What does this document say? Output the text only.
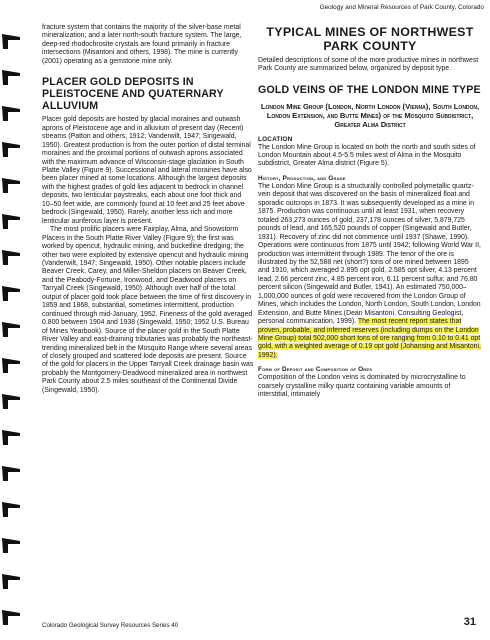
Geology and Mineral Resources of Park County, Colorado

fracture system that contains the majority of the silver-base metal mineralization; and a later north-south fracture system. The large, deep-red rhodochrosite crystals are found primarily in fracture intersections (Misantoni and others, 1998). The mine is currently (2001) operating as a gemstone mine only.

PLACER GOLD DEPOSITS IN PLEISTOCENE AND QUATERNARY ALLUVIUM

Placer gold deposits are hosted by glacial moraines and outwash aprons of Pleistocene age and in alluvium of present day (Recent) streams (Patton and others, 1912; Vanderwilt, 1947; Singewald, 1950). Greatest production is from the outer portion of distal terminal moraines and the proximal portions of outwash aprons associated with the maximum advance of Wisconsin-stage glaciation in South Platte Valley (Figure 9). Successional and lateral moraines have also been placer mined at some locations. Although the largest deposits with the highest grades of gold lies adjacent to bedrock in channel deposits, two lenticular paystreaks, each about one foot thick and 10–50 feet wide, are commonly found at 10 feet and 25 feet above bedrock (Singewald, 1950). Rarely, another less rich and more lenticular auriferous layer is present.

The most prolific placers were Fairplay, Alma, and Snowstorm Placers in the South Platte River Valley (Figure 9); the first was worked by opencut, hydraulic mining, and bucketline dredging; the other two were exploited by extensive opencut and hydraulic mining (Vanderwilt, 1947; Singewald, 1950). Other notable placers include Beaver Creek, Carey, and Miller-Sheldon placers on Beaver Creek, and the Peabody-Fortune, Ironwood, and Deadwood placers on Tarryall Creek (Singewald, 1950). Although over half of the total output of placer gold took place between the time of first discovery in 1859 and 1868, substantial, sometimes intermittent, production continued through mid-January, 1952. Fineness of the gold averaged 0.800 between 1904 and 1938 (Singewald, 1950; 1952 U.S. Bureau of Mines Yearbook). Source of the placer gold in the South Platte River Valley and east-draining tributaries was probably the northeast-trending mineralized belt in the Mosquito Range where several areas of closely grouped and scattered lode deposits are present. Source of the gold for placers in the Upper Tarryall Creek drainage basin was probably the Montgomery-Deadwood mineralized area in northwest Park County about 2.5 miles southeast of the Continental Divide (Singewald, 1950).

TYPICAL MINES OF NORTHWEST PARK COUNTY

Detailed descriptions of some of the more productive mines in northwest Park County are summarized below, organized by deposit type.

GOLD VEINS OF THE LONDON MINE TYPE
London Mine Group (London, North London (Vienna), South London, London Extension, and Butte Mines) of the Mosquito Subdistrict, Greater Alma District
LOCATION

The London Mine Group is located on both the north and south sides of London Mountain about 4.5-5.5 miles west of Alma in the Mosquito subdistrict, Greater Alma district (Figure 5).

History, Production, and Grade

The London Mine Group is a structurally controlled polymetallic quartz-vein deposit that was discovered on the basis of mineralized float and sporadic outcrops in 1873. It was subsequently developed as a mine in 1875. Production was continuous until at least 1931, when recovery totaled 263,273 ounces of gold, 237,178 ounces of silver, 5,879,725 pounds of lead, and 165,520 pounds of copper (Singewald and Butler, 1931). Recovery of zinc did not commence until 1937 (Shawe, 1990). Operations were continuous from 1875 until 1942; following World War II, production was intermittent through 1989. The tenor of the ore is illustrated by the 52,588 net (short?) tons of ore mined between 1895 and 1910, which averaged 2.895 opt gold, 2.585 opt silver, 4.13 percent lead, 2.66 percent zinc, 4.85 percent iron, 6.11 percent sulfur, and 76.80 percent silicon (Singewald and Butler, 1941). An estimated 750,000–1,000,000 ounces of gold were recovered from the London Group of Mines, which includes the London, North London, South London, London Extension, and Butte Mines (Dean Misantoni, Consulting Geologist, personal communication, 1999). The most recent report states that proven, probable, and inferred reserves (including dumps on the London Mine Group) total 502,000 short tons of ore ranging from 0.10 to 0.41 opt gold, with a weighted average of 0.19 opt gold (Johansing and Misantoni, 1992).

Form of Deposit and Composition of Ores

Composition of the London veins is dominated by microcrystalline to coarsely crystalline milky quartz containing variable amounts of interstitial, intimately

Colorado Geological Survey Resources Series 40	31
